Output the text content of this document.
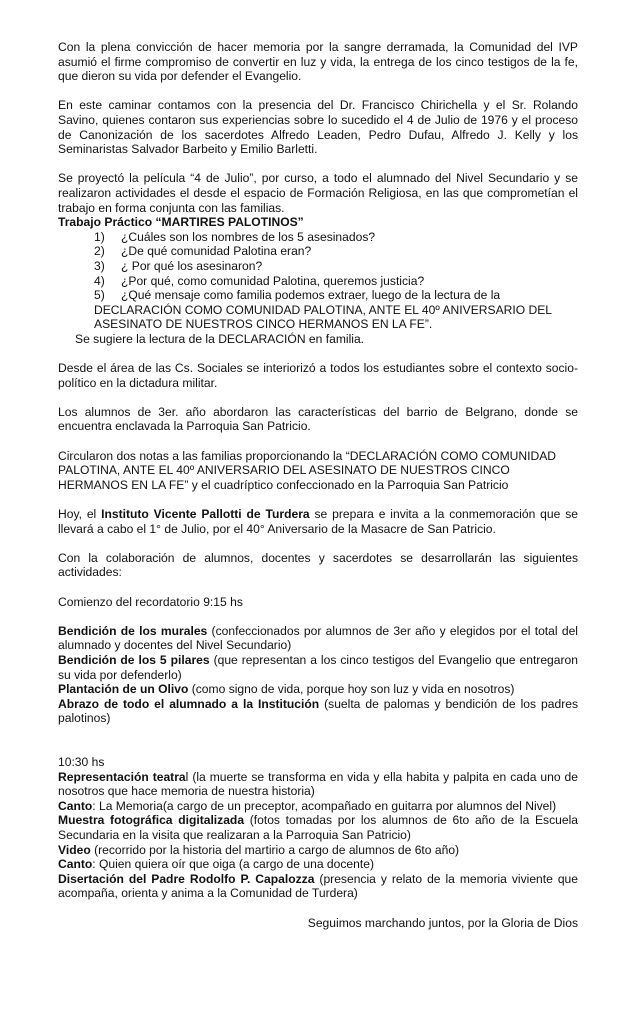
Con la plena convicción de hacer memoria por la sangre derramada, la Comunidad del IVP asumió el firme compromiso de convertir en luz y vida, la entrega de los cinco testigos de la fe, que dieron su vida por defender el Evangelio.

En este caminar contamos con la presencia del Dr. Francisco Chirichella y el Sr. Rolando Savino, quienes contaron sus experiencias sobre lo sucedido el 4 de Julio de 1976 y el proceso de Canonización de los sacerdotes Alfredo Leaden, Pedro Dufau, Alfredo J. Kelly y los Seminaristas Salvador Barbeito y Emilio Barletti.

Se proyectó la película “4 de Julio”, por curso, a todo el alumnado del Nivel Secundario y se realizaron actividades el desde el espacio de Formación Religiosa, en las que comprometían el trabajo en forma conjunta con las familias.

Trabajo Práctico “MARTIRES PALOTINOS”

1) ¿Cuáles son los nombres de los 5 asesinados?
2) ¿De qué comunidad Palotina eran?
3) ¿ Por qué los asesinaron?
4) ¿Por qué, como comunidad Palotina, queremos justicia?
5) ¿Qué mensaje como familia podemos extraer, luego de la lectura de la
DECLARACIÓN COMO COMUNIDAD PALOTINA, ANTE EL 40º ANIVERSARIO DEL ASESINATO DE NUESTROS CINCO HERMANOS EN LA FE”.

Se sugiere la lectura de la DECLARACIÓN en familia.

Desde el área de las Cs. Sociales se interiorizó a todos los estudiantes sobre el contexto socio-político en la dictadura militar.

Los alumnos de 3er. año abordaron las características del barrio de Belgrano, donde se encuentra enclavada la Parroquia San Patricio.

Circularon dos notas a las familias proporcionando la “DECLARACIÓN COMO COMUNIDAD PALOTINA, ANTE EL 40º ANIVERSARIO DEL ASESINATO DE NUESTROS CINCO HERMANOS EN LA FE” y el cuadríptico confeccionado en la Parroquia San Patricio

Hoy, el Instituto Vicente Pallotti de Turdera se prepara e invita a la conmemoración que se llevará a cabo el 1° de Julio, por el 40° Aniversario de la Masacre de San Patricio.

Con la colaboración de alumnos, docentes y sacerdotes se desarrollarán las siguientes actividades:

Comienzo del recordatorio 9:15 hs

Bendición de los murales (confeccionados por alumnos de 3er año y elegidos por el total del alumnado y docentes del Nivel Secundario)

Bendición de los 5 pilares (que representan a los cinco testigos del Evangelio que entregaron su vida por defenderlo)

Plantación de un Olivo (como signo de vida, porque hoy son luz y vida en nosotros)

Abrazo de todo el alumnado a la Institución (suelta de palomas y bendición de los padres palotinos)

10:30 hs

Representación teatral (la muerte se transforma en vida y ella habita y palpita en cada uno de nosotros que hace memoria de nuestra historia)

Canto: La Memoria(a cargo de un preceptor, acompañado en guitarra por alumnos del Nivel)

Muestra fotográfica digitalizada (fotos tomadas por los alumnos de 6to año de la Escuela Secundaria en la visita que realizaran a la Parroquia San Patricio)

Video (recorrido por la historia del martirio a cargo de alumnos de 6to año)

Canto: Quien quiera oír que oiga (a cargo de una docente)

Disertación del Padre Rodolfo P. Capalozza (presencia y relato de la memoria viviente que acompaña, orienta y anima a la Comunidad de Turdera)

Seguimos marchando juntos, por la Gloria de Dios
